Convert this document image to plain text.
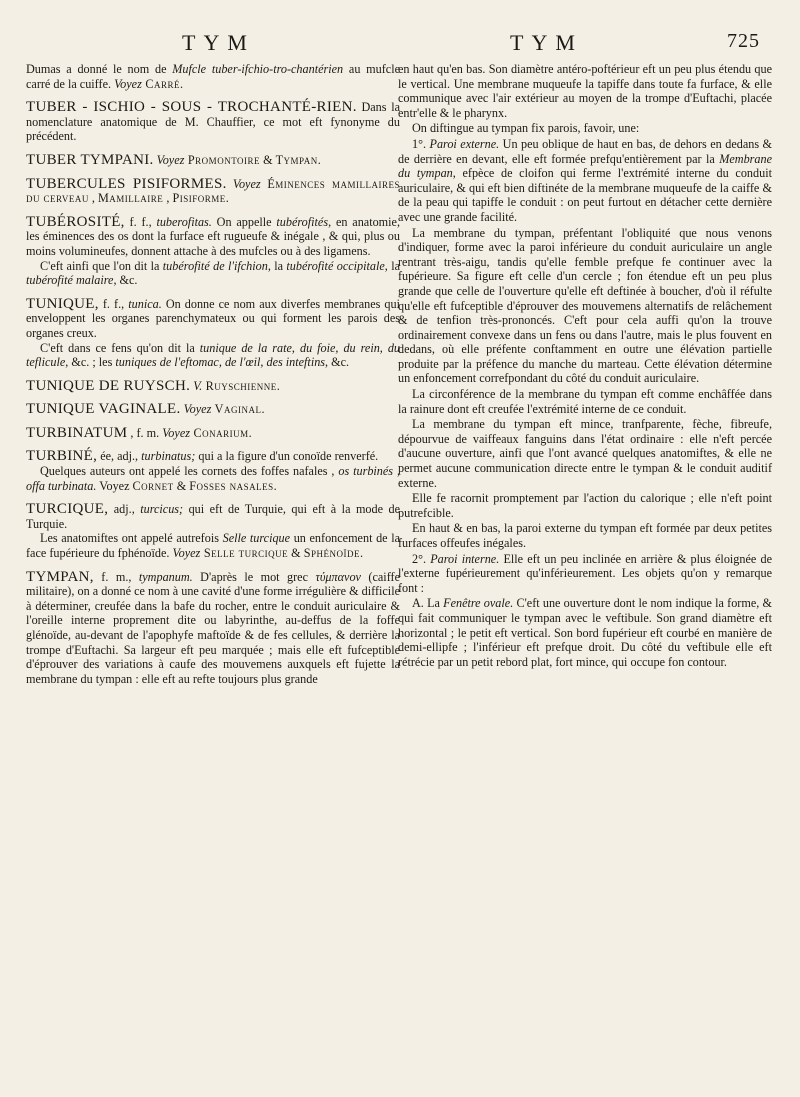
TYM	TYM	725

Dumas a donné le nom de Mufcle tuber-ifchio-tro-chantérien au mufcle carré de la cuiffe. Voyez Carré.

TUBER - ISCHIO - SOUS - TROCHANTÉ-RIEN. Dans la nomenclature anatomique de M. Chauffier, ce mot eft fynonyme du précédent.

TUBER TYMPANI. Voyez Promontoire & Tympan.

TUBERCULES PISIFORMES. Voyez Éminences mamillaires du cerveau , Mamillaire , Pisiforme.

TUBÉROSITÉ, f. f., tuberofitas. On appelle tubérofités, en anatomie, les éminences des os dont la furface eft rugueufe & inégale , & qui, plus ou moins volumineufes, donnent attache à des mufcles ou à des ligamens.

C'eft ainfi que l'on dit la tubérofité de l'ifchion, la tubérofité occipitale, la tubérofité malaire, &c.

TUNIQUE, f. f., tunica. On donne ce nom aux diverfes membranes qui enveloppent les organes parenchymateux ou qui forment les parois des organes creux.

C'eft dans ce fens qu'on dit la tunique de la rate, du foie, du rein, du teflicule, &c. ; les tuniques de l'eftomac, de l'œil, des inteftins, &c.

TUNIQUE DE RUYSCH. V. Ruyschienne.

TUNIQUE VAGINALE. Voyez Vaginal.

TURBINATUM , f. m. Voyez Conarium.

TURBINÉ, ée, adj., turbinatus; qui a la figure d'un conoïde renverfé.

Quelques auteurs ont appelé les cornets des foffes nafales , os turbinés , offa turbinata. Voyez Cornet & Fosses nasales.

TURCIQUE, adj., turcicus; qui eft de Turquie, qui eft à la mode de Turquie.

Les anatomiftes ont appelé autrefois Selle turcique un enfoncement de la face fupérieure du fphénoïde. Voyez Selle turcique & Sphénoïde.

TYMPAN, f. m., tympanum. D'après le mot grec τύμπανον (caiffe militaire), on a donné ce nom à une cavité d'une forme irrégulière & difficile à déterminer, creufée dans la bafe du rocher, entre le conduit auriculaire & l'oreille interne proprement dite ou labyrinthe, au-deffus de la foffe glénoïde, au-devant de l'apophyfe maftoïde & de fes cellules, & derrière la trompe d'Euftachi. Sa largeur eft peu marquée ; mais elle eft fufceptible d'éprouver des variations à caufe des mouvemens auxquels eft fujette la membrane du tympan : elle eft au refte toujours plus grande

en haut qu'en bas. Son diamètre antéro-poftérieur eft un peu plus étendu que le vertical. Une membrane muqueufe la tapiffe dans toute fa furface, & elle communique avec l'air extérieur au moyen de la trompe d'Euftachi, placée entr'elle & le pharynx.

On diftingue au tympan fix parois, favoir, une:

1°. Paroi externe. Un peu oblique de haut en bas, de dehors en dedans & de derrière en devant, elle eft formée prefqu'entièrement par la Membrane du tympan, efpèce de cloifon qui ferme l'extrémité interne du conduit auriculaire, & qui eft bien diftinéte de la membrane muqueufe de la caiffe & de la peau qui tapiffe le conduit : on peut furtout en détacher cette dernière avec une grande facilité.

La membrane du tympan, préfentant l'obliquité que nous venons d'indiquer, forme avec la paroi inférieure du conduit auriculaire un angle rentrant très-aigu, tandis qu'elle femble prefque fe continuer avec la fupérieure. Sa figure eft celle d'un cercle ; fon étendue eft un peu plus grande que celle de l'ouverture qu'elle eft deftinée à boucher, d'où il réfulte qu'elle eft fufceptible d'éprouver des mouvemens alternatifs de relâchement & de tenfion très-prononcés. C'eft pour cela auffi qu'on la trouve ordinairement convexe dans un fens ou dans l'autre, mais le plus fouvent en dedans, où elle préfente conftamment en outre une élévation partielle produite par la préfence du manche du marteau. Cette élévation détermine un enfoncement correfpondant du côté du conduit auriculaire.

La circonférence de la membrane du tympan eft comme enchâffée dans la rainure dont eft creufée l'extrémité interne de ce conduit.

La membrane du tympan eft mince, tranfparente, fèche, fibreufe, dépourvue de vaiffeaux fanguins dans l'état ordinaire : elle n'eft percée d'aucune ouverture, ainfi que l'ont avancé quelques anatomiftes, & elle ne permet aucune communication directe entre le tympan & le conduit auditif externe.

Elle fe racornit promptement par l'action du calorique ; elle n'eft point putrefcible.

En haut & en bas, la paroi externe du tympan eft formée par deux petites furfaces offeufes inégales.

2°. Paroi interne. Elle eft un peu inclinée en arrière & plus éloignée de l'externe fupérieurement qu'inférieurement. Les objets qu'on y remarque font :

A. La Fenêtre ovale. C'eft une ouverture dont le nom indique la forme, & qui fait communiquer le tympan avec le veftibule. Son grand diamètre eft horizontal ; le petit eft vertical. Son bord fupérieur eft courbé en manière de demi-ellipfe ; l'inférieur eft prefque droit. Du côté du veftibule elle eft rétrécie par un petit rebord plat, fort mince, qui occupe fon contour.
